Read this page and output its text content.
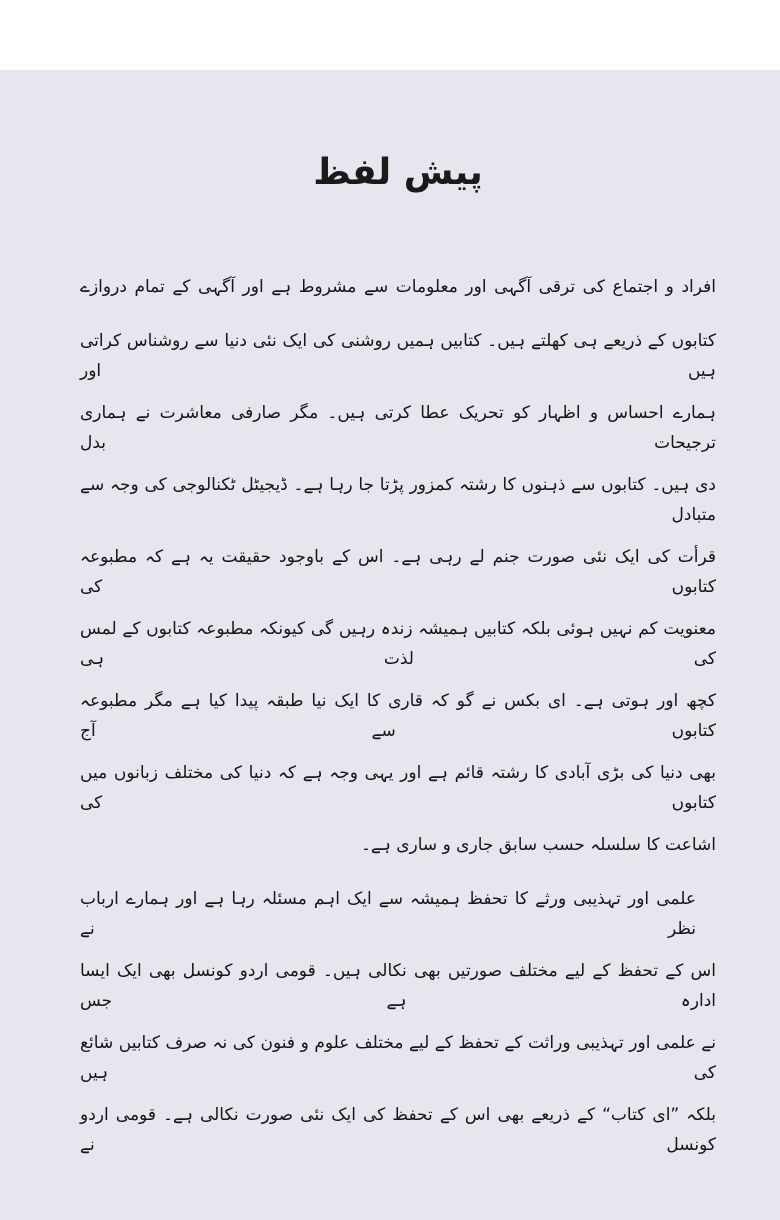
پیش لفظ
افراد و اجتماع کی ترقی آگہی اور معلومات سے مشروط ہے اور آگہی کے تمام دروازے
کتابوں کے ذریعے ہی کھلتے ہیں۔ کتابیں ہمیں روشنی کی ایک نئی دنیا سے روشناس کراتی ہیں اور
ہمارے احساس و اظہار کو تحریک عطا کرتی ہیں۔ مگر صارفی معاشرت نے ہماری ترجیحات بدل
دی ہیں۔ کتابوں سے ذہنوں کا رشتہ کمزور پڑتا جا رہا ہے۔ ڈیجیٹل ٹکنالوجی کی وجہ سے متبادل
قرأت کی ایک نئی صورت جنم لے رہی ہے۔ اس کے باوجود حقیقت یہ ہے کہ مطبوعہ کتابوں کی
معنویت کم نہیں ہوئی بلکہ کتابیں ہمیشہ زندہ رہیں گی کیونکہ مطبوعہ کتابوں کے لمس کی لذت ہی
کچھ اور ہوتی ہے۔ ای بکس نے گو کہ قاری کا ایک نیا طبقہ پیدا کیا ہے مگر مطبوعہ کتابوں سے آج
بھی دنیا کی بڑی آبادی کا رشتہ قائم ہے اور یہی وجہ ہے کہ دنیا کی مختلف زبانوں میں کتابوں کی
اشاعت کا سلسلہ حسب سابق جاری و ساری ہے۔
علمی اور تہذیبی ورثے کا تحفظ ہمیشہ سے ایک اہم مسئلہ رہا ہے اور ہمارے ارباب نظر نے
اس کے تحفظ کے لیے مختلف صورتیں بھی نکالی ہیں۔ قومی اردو کونسل بھی ایک ایسا ادارہ ہے جس
نے علمی اور تہذیبی وراثت کے تحفظ کے لیے مختلف علوم و فنون کی نہ صرف کتابیں شائع کی ہیں
بلکہ ”ای کتاب“ کے ذریعے بھی اس کے تحفظ کی ایک نئی صورت نکالی ہے۔ قومی اردو کونسل نے
